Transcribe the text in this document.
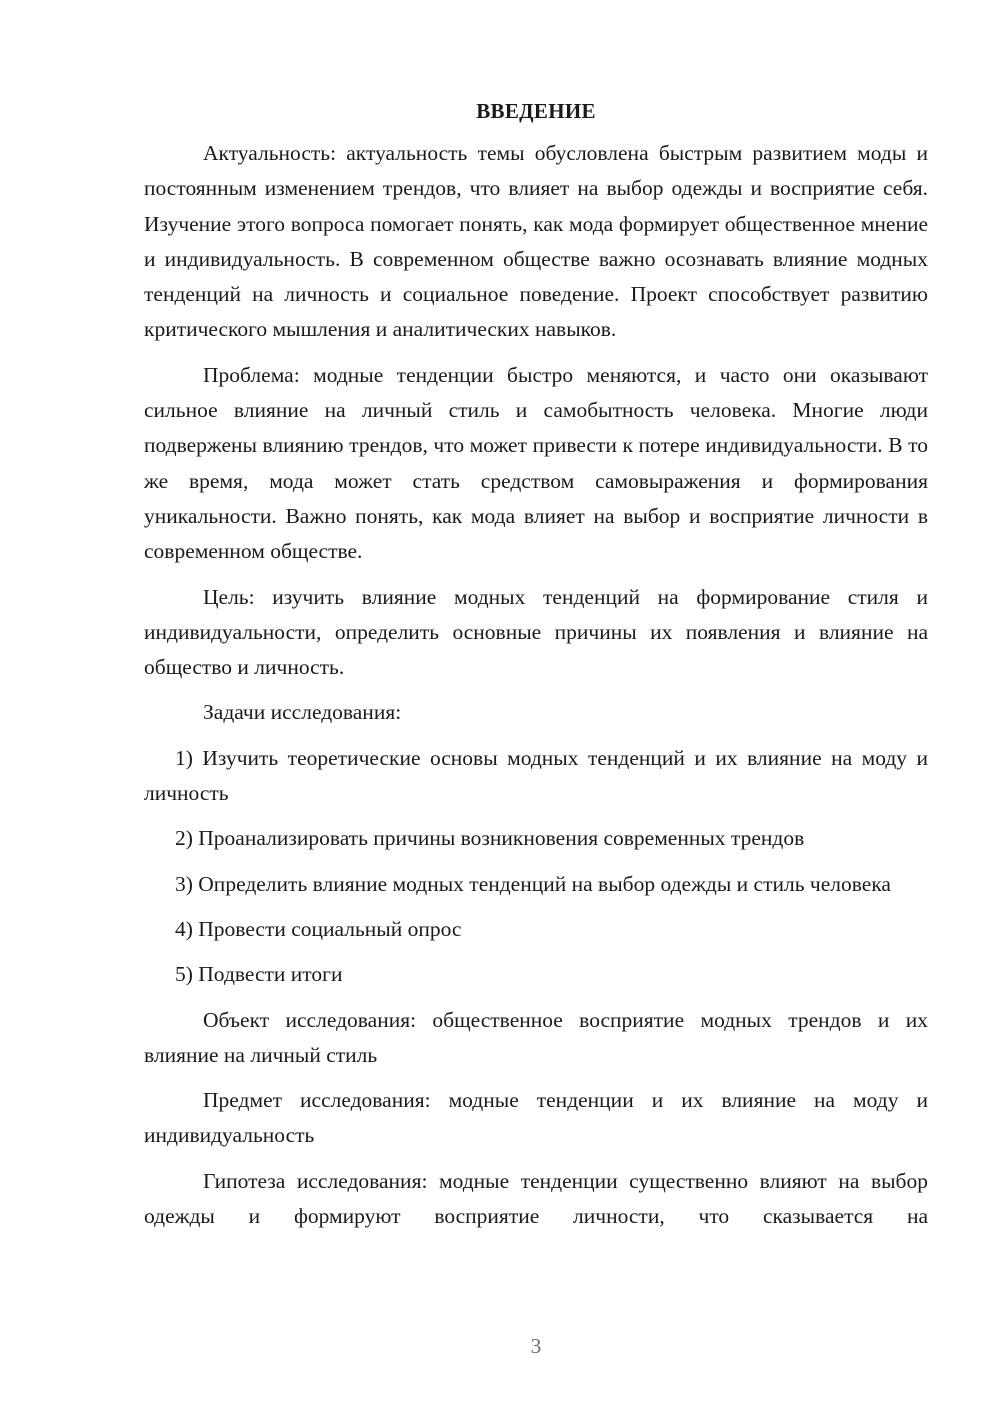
ВВЕДЕНИЕ

Актуальность: актуальность темы обусловлена быстрым развитием моды и постоянным изменением трендов, что влияет на выбор одежды и восприятие себя. Изучение этого вопроса помогает понять, как мода формирует общественное мнение и индивидуальность. В современном обществе важно осознавать влияние модных тенденций на личность и социальное поведение. Проект способствует развитию критического мышления и аналитических навыков.

Проблема: модные тенденции быстро меняются, и часто они оказывают сильное влияние на личный стиль и самобытность человека. Многие люди подвержены влиянию трендов, что может привести к потере индивидуальности. В то же время, мода может стать средством самовыражения и формирования уникальности. Важно понять, как мода влияет на выбор и восприятие личности в современном обществе.

Цель: изучить влияние модных тенденций на формирование стиля и индивидуальности, определить основные причины их появления и влияние на общество и личность.

Задачи исследования:

1) Изучить теоретические основы модных тенденций и их влияние на моду и личность

2) Проанализировать причины возникновения современных трендов

3) Определить влияние модных тенденций на выбор одежды и стиль человека

4) Провести социальный опрос

5) Подвести итоги

Объект исследования: общественное восприятие модных трендов и их влияние на личный стиль

Предмет исследования: модные тенденции и их влияние на моду и индивидуальность

Гипотеза исследования: модные тенденции существенно влияют на выбор одежды и формируют восприятие личности, что сказывается на

3
